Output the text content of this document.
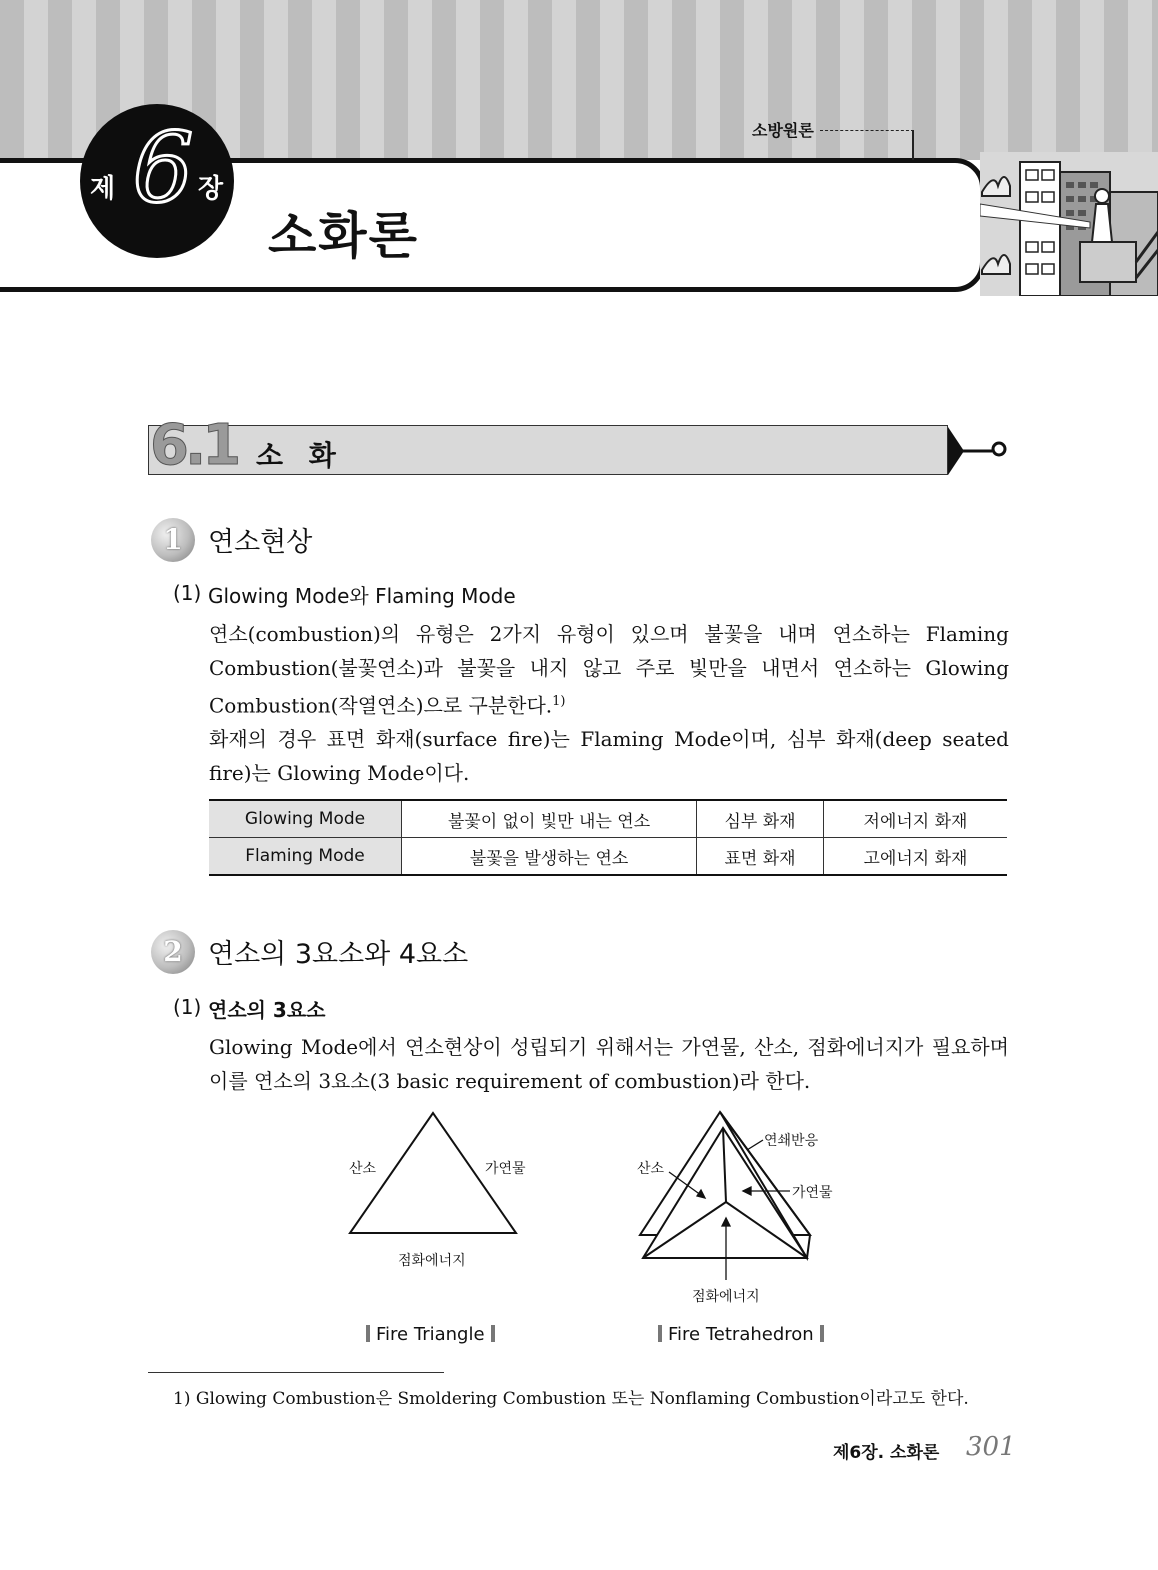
제 6 장
소화론
소방원론
6.1 소 화
1 연소현상
(1) Glowing Mode와 Flaming Mode

연소(combustion)의 유형은 2가지 유형이 있으며 불꽃을 내며 연소하는 Flaming Combustion(불꽃연소)과 불꽃을 내지 않고 주로 빛만을 내면서 연소하는 Glowing Combustion(작열연소)으로 구분한다.$^{1)}$

화재의 경우 표면 화재(surface fire)는 Flaming Mode이며, 심부 화재(deep seated fire)는 Glowing Mode이다.

Glowing Mode	불꽃이 없이 빛만 내는 연소	심부 화재	저에너지 화재
Flaming Mode	불꽃을 발생하는 연소	표면 화재	고에너지 화재
2 연소의 3요소와 4요소
(1) 연소의 3요소

Glowing Mode에서 연소현상이 성립되기 위해서는 가연물, 산소, 점화에너지가 필요하며 이를 연소의 3요소(3 basic requirement of combustion)라 한다.

산소	가연물
점화에너지
산소
연쇄반응
가연물
점화에너지
Fire Triangle	Fire Tetrahedron
1) Glowing Combustion은 Smoldering Combustion 또는 Nonflaming Combustion이라고도 한다.
제6장. 소화론 301
